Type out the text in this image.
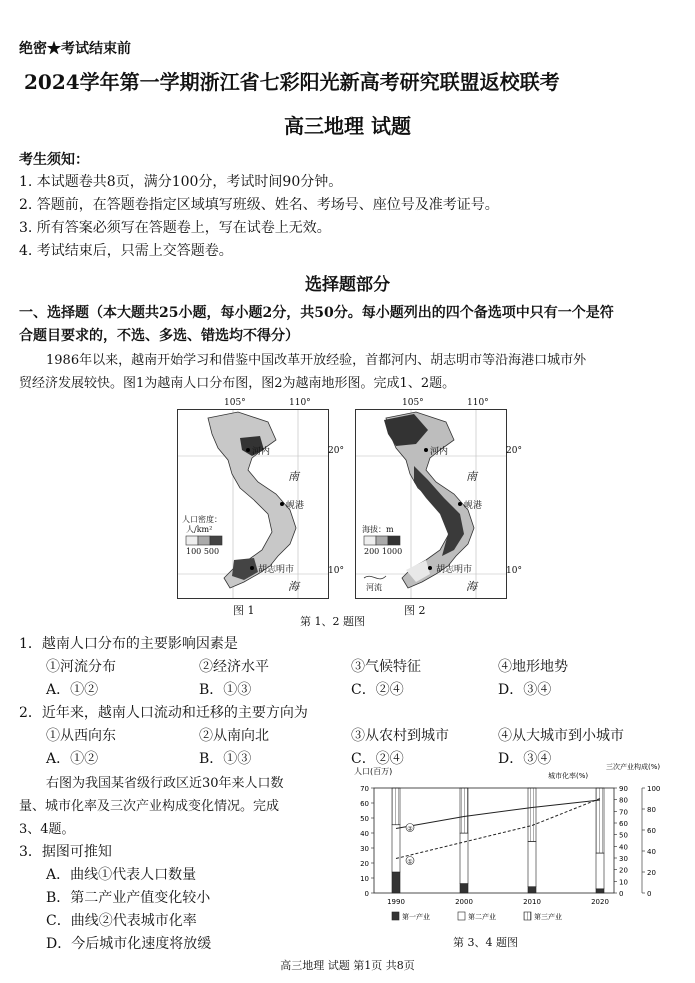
绝密★考试结束前
2024学年第一学期浙江省七彩阳光新高考研究联盟返校联考
高三地理 试题
考生须知：
1. 本试题卷共8页，满分100分，考试时间90分钟。
2. 答题前，在答题卷指定区域填写班级、姓名、考场号、座位号及准考证号。
3. 所有答案必须写在答题卷上，写在试卷上无效。
4. 考试结束后，只需上交答题卷。
选择题部分
一、选择题（本大题共25小题，每小题2分，共50分。每小题列出的四个备选项中只有一个是符
合题目要求的，不选、多选、错选均不得分）
1986年以来，越南开始学习和借鉴中国改革开放经验，首都河内、胡志明市等沿海港口城市外
贸经济发展较快。图1为越南人口分布图，图2为越南地形图。完成1、2题。
105°	110°
河内
岘港
胡志明市
南
海
人口密度：
人/km²
100 500
20°
10°
图 1
105°	110°
河内
岘港
胡志明市
南
海
海拔：m
200 1000
河流
20°
10°
图 2
第 1、2 题图
1．越南人口分布的主要影响因素是
①河流分布	②经济水平	③气候特征	④地形地势
A．①②	B．①③	C．②④	D．③④
2．近年来，越南人口流动和迁移的主要方向为
①从西向东	②从南向北	③从农村到城市	④从大城市到小城市
A．①②	B．①③	C．②④	D．③④
右图为我国某省级行政区近30年来人口数
量、城市化率及三次产业构成变化情况。完成
3、4题。
3．据图可推知
A．曲线①代表人口数量
B．第二产业产值变化较小
C．曲线②代表城市化率
D．今后城市化速度将放缓
人口(百万)	城市化率(%)
三次产业构成(%)
0
10
20
30
40
50
60
70
0
10
20
30
40
50
60
70
80
90
0
20
40
60
80
100
1990	2000	2010	2020
①
②
第一产业	第二产业	第三产业
第 3、4 题图
高三地理 试题 第1页 共8页
